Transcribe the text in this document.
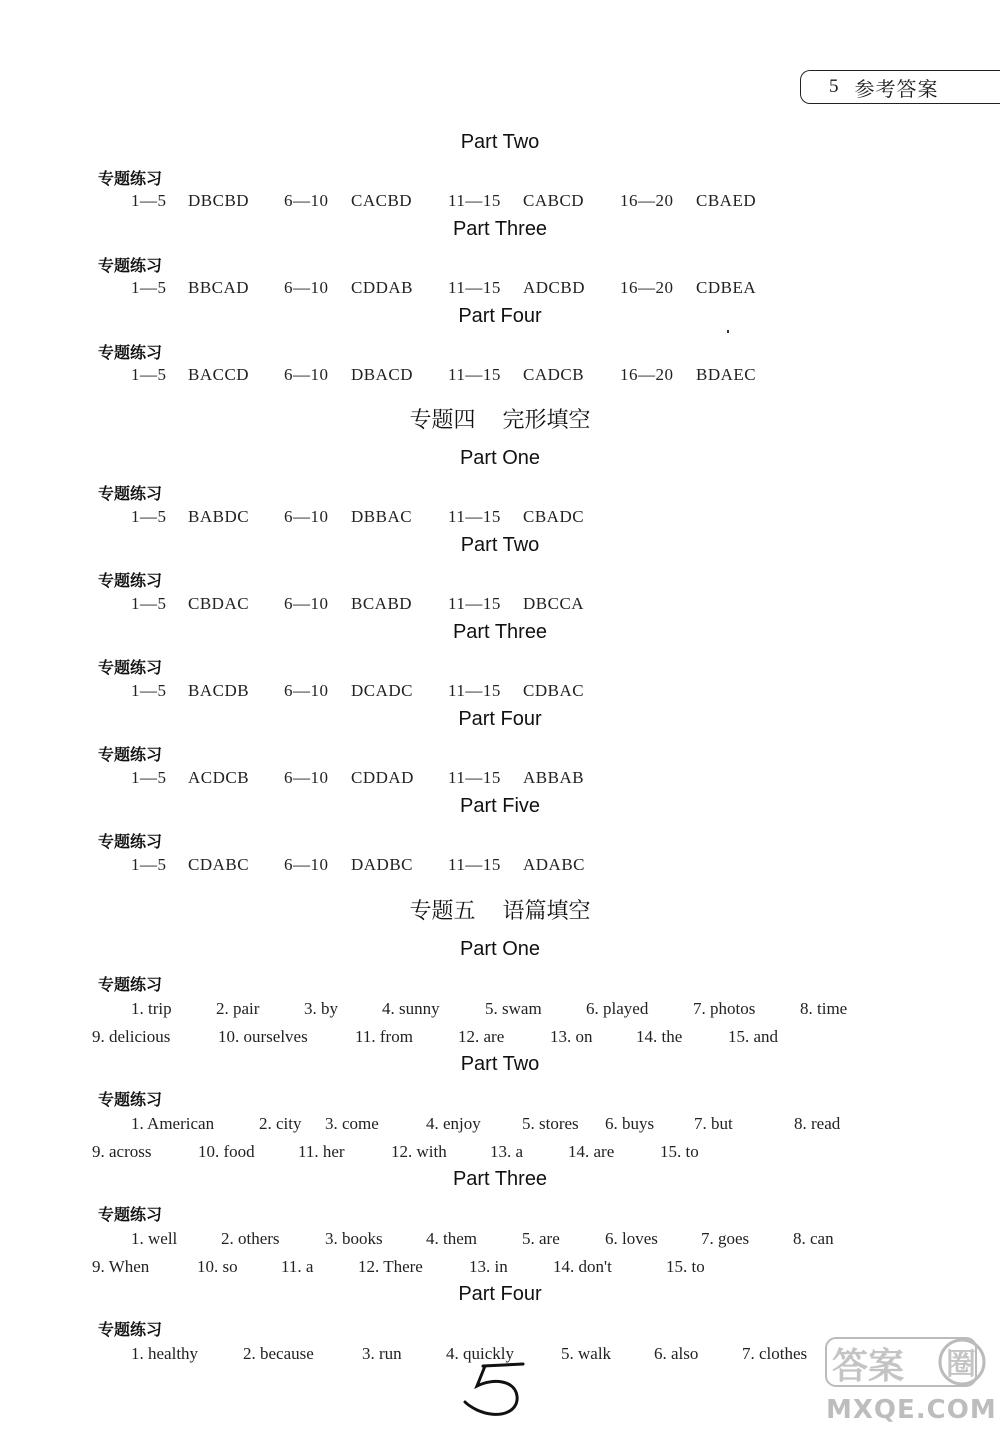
5 参考答案
Part Two
专题练习
1—5 DBCBD 6—10 CACBD 11—15 CABCD 16—20 CBAED
Part Three
专题练习
1—5 BBCAD 6—10 CDDAB 11—15 ADCBD 16—20 CDBEA
Part Four
专题练习
1—5 BACCD 6—10 DBACD 11—15 CADCB 16—20 BDAEC
专题四 完形填空
Part One
专题练习
1—5 BABDC 6—10 DBBAC 11—15 CBADC
Part Two
专题练习
1—5 CBDAC 6—10 BCABD 11—15 DBCCA
Part Three
专题练习
1—5 BACDB 6—10 DCADC 11—15 CDBAC
Part Four
专题练习
1—5 ACDCB 6—10 CDDAD 11—15 ABBAB
Part Five
专题练习
1—5 CDABC 6—10 DADBC 11—15 ADABC
专题五 语篇填空
Part One
专题练习
1. trip	2. pair	3. by	4. sunny	5. swam	6. played	7. photos	8. time
9. delicious	10. ourselves	11. from	12. are	13. on	14. the	15. and
Part Two
专题练习
1. American	2. city 3. come	4. enjoy 5. stores 6. buys 7. but	8. read
9. across	10. food	11. her	12. with	13. a	14. are	15. to
Part Three
专题练习
1. well	2. others	3. books	4. them	5. are	6. loves	7. goes	8. can
9. When	10. so	11. a	12. There	13. in	14. don't	15. to
Part Four
专题练习
1. healthy	2. because	3. run	4. quickly	5. walk	6. also	7. clothes 答案 圈
MXQE.COM
